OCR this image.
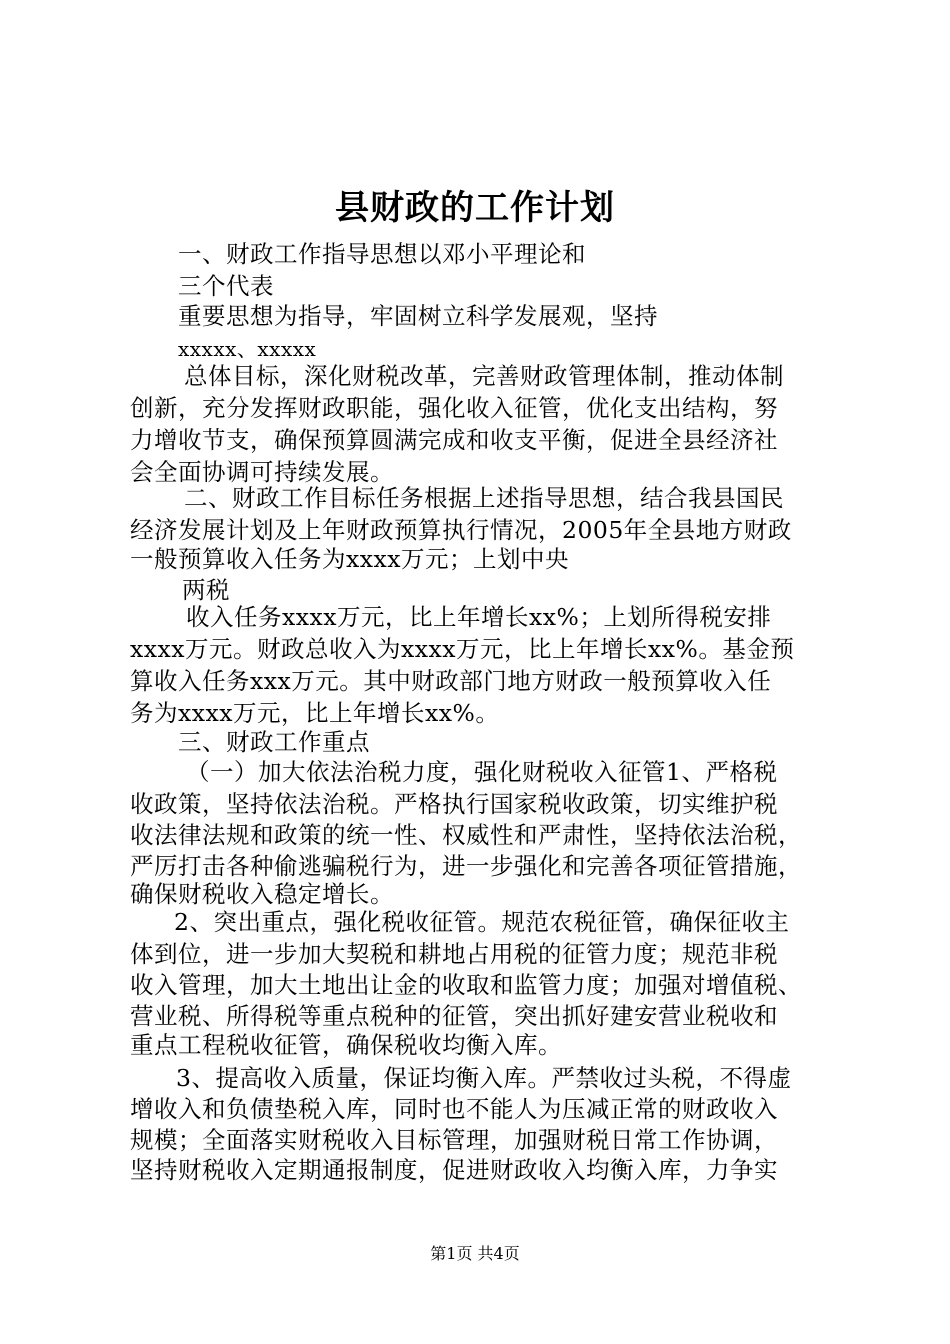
县财政的工作计划
一、财政工作指导思想以邓小平理论和
三个代表
重要思想为指导，牢固树立科学发展观，坚持
xxxxx、xxxxx
总体目标，深化财税改革，完善财政管理体制，推动体制
创新，充分发挥财政职能，强化收入征管，优化支出结构，努
力增收节支，确保预算圆满完成和收支平衡，促进全县经济社
会全面协调可持续发展。
二、财政工作目标任务根据上述指导思想，结合我县国民
经济发展计划及上年财政预算执行情况，2005年全县地方财政
一般预算收入任务为xxxx万元；上划中央
两税
收入任务xxxx万元，比上年增长xx%；上划所得税安排
xxxx万元。财政总收入为xxxx万元，比上年增长xx%。基金预
算收入任务xxx万元。其中财政部门地方财政一般预算收入任
务为xxxx万元，比上年增长xx%。
三、财政工作重点
（一）加大依法治税力度，强化财税收入征管1、严格税
收政策，坚持依法治税。严格执行国家税收政策，切实维护税
收法律法规和政策的统一性、权威性和严肃性，坚持依法治税，
严厉打击各种偷逃骗税行为，进一步强化和完善各项征管措施，
确保财税收入稳定增长。
2、突出重点，强化税收征管。规范农税征管，确保征收主
体到位，进一步加大契税和耕地占用税的征管力度；规范非税
收入管理，加大土地出让金的收取和监管力度；加强对增值税、
营业税、所得税等重点税种的征管，突出抓好建安营业税收和
重点工程税收征管，确保税收均衡入库。
3、提高收入质量，保证均衡入库。严禁收过头税，不得虚
增收入和负债垫税入库，同时也不能人为压减正常的财政收入
规模；全面落实财税收入目标管理，加强财税日常工作协调，
坚持财税收入定期通报制度，促进财政收入均衡入库，力争实
第1页 共4页
